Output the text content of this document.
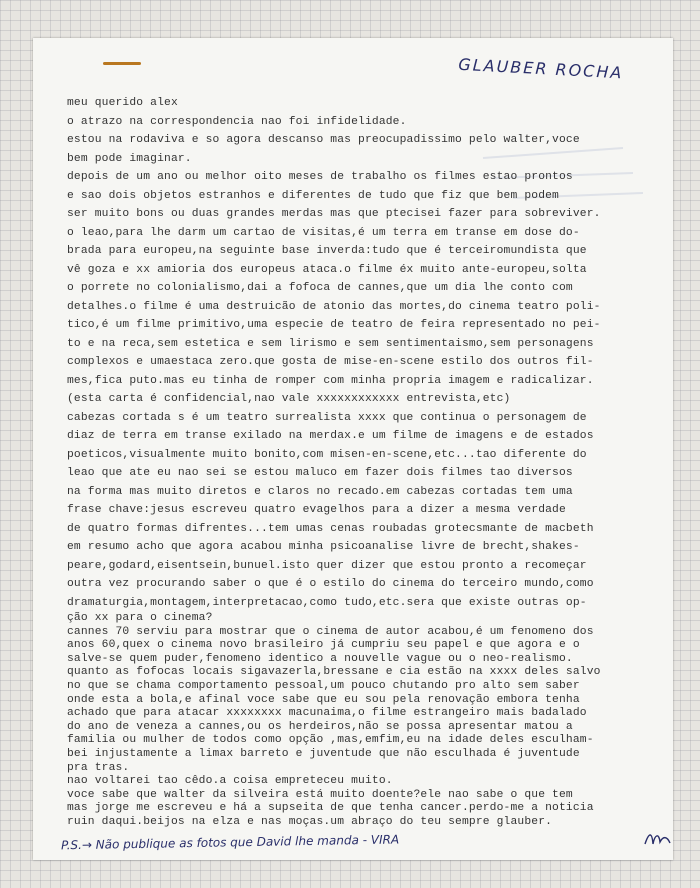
GLAUBER ROCHA
meu querido alex
o atrazo na correspondencia nao foi infidelidade.
estou na rodaviva e so agora descanso mas preocupadissimo pelo walter,voce
bem pode imaginar.
depois de um ano ou melhor oito meses de trabalho os filmes estao prontos
e sao dois objetos estranhos e diferentes de tudo que fiz que bem podem
ser muito bons ou duas grandes merdas mas que ptecisei fazer para sobreviver.
o leao,para lhe darm um cartao de visitas,é um terra em transe em dose do-
brada para europeu,na seguinte base inverda:tudo que é terceiromundista que
vê goza e xx amioria dos europeus ataca.o filme éx muito ante-europeu,solta
o porrete no colonialismo,dai a fofoca de cannes,que um dia lhe conto com
detalhes.o filme é uma destruicão de atonio das mortes,do cinema teatro poli-
tico,é um filme primitivo,uma especie de teatro de feira representado no pei-
to e na reca,sem estetica e sem lirismo e sem sentimentaismo,sem personagens
complexos e umaestaca zero.que gosta de mise-en-scene estilo dos outros fil-
mes,fica puto.mas eu tinha de romper com minha propria imagem e radicalizar.
(esta carta é confidencial,nao vale xxxxxxxxxxxx entrevista,etc)
cabezas cortada s é um teatro surrealista xxxx que continua o personagem de
diaz de terra em transe exilado na merdax.e um filme de imagens e de estados
poeticos,visualmente muito bonito,com misen-en-scene,etc...tao diferente do
leao que ate eu nao sei se estou maluco em fazer dois filmes tao diversos
na forma mas muito diretos e claros no recado.em cabezas cortadas tem uma
frase chave:jesus escreveu quatro evagelhos para a dizer a mesma verdade
de quatro formas difrentes...tem umas cenas roubadas grotecsmante de macbeth
em resumo acho que agora acabou minha psicoanalise livre de brecht,shakes-
peare,godard,eisentsein,bunuel.isto quer dizer que estou pronto a recomeçar
outra vez procurando saber o que é o estilo do cinema do terceiro mundo,como
dramaturgia,montagem,interpretacao,como tudo,etc.sera que existe outras op-
ção xx para o cinema?
cannes 70 serviu para mostrar que o cinema de autor acabou,é um fenomeno dos
anos 60,quex o cinema novo brasileiro já cumpriu seu papel e que agora e o
salve-se quem puder,fenomeno identico a nouvelle vague ou o neo-realismo.
quanto as fofocas locais sigavazerla,bressane e cia estão na xxxx deles salvo
no que se chama comportamento pessoal,um pouco chutando pro alto sem saber
onde esta a bola,e afinal voce sabe que eu sou pela renovação embora tenha
achado que para atacar xxxxxxxx macunaima,o filme estrangeiro mais badalado
do ano de veneza a cannes,ou os herdeiros,não se possa apresentar matou a
familia ou mulher de todos como opção ,mas,emfim,eu na idade deles esculham-
bei injustamente a limax barreto e juventude que não esculhada é juventude
pra tras.
nao voltarei tao cêdo.a coisa empreteceu muito.
voce sabe que walter da silveira está muito doente?ele nao sabe o que tem
mas jorge me escreveu e há a supseita de que tenha cancer.perdo-me a noticia
ruin daqui.beijos na elza e nas moças.um abraço do teu sempre glauber.
P.S.→ Não publique as fotos que David lhe manda - VIRA
